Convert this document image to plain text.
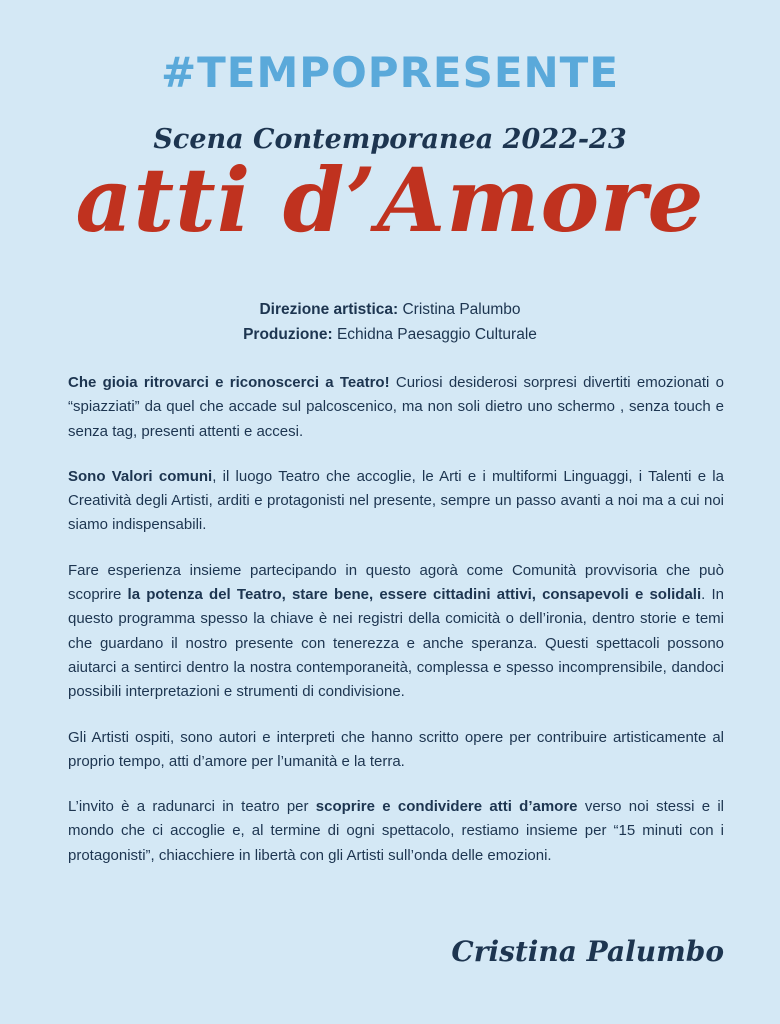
#TEMPOPRESENTE
Scena Contemporanea 2022-23
atti d’Amore
Direzione artistica: Cristina Palumbo
Produzione: Echidna Paesaggio Culturale

Che gioia ritrovarci e riconoscerci a Teatro! Curiosi desiderosi sorpresi divertiti emozionati o “spiazziati” da quel che accade sul palcoscenico, ma non soli dietro uno schermo , senza touch e senza tag, presenti attenti e accesi.

Sono Valori comuni, il luogo Teatro che accoglie, le Arti e i multiformi Linguaggi, i Talenti e la Creatività degli Artisti, arditi e protagonisti nel presente, sempre un passo avanti a noi ma a cui noi siamo indispensabili.

Fare esperienza insieme partecipando in questo agorà come Comunità provvisoria che può scoprire la potenza del Teatro, stare bene, essere cittadini attivi, consapevoli e solidali. In questo programma spesso la chiave è nei registri della comicità o dell’ironia, dentro storie e temi che guardano il nostro presente con tenerezza e anche speranza. Questi spettacoli possono aiutarci a sentirci dentro la nostra contemporaneità, complessa e spesso incomprensibile, dandoci possibili interpretazioni e strumenti di condivisione.

Gli Artisti ospiti, sono autori e interpreti che hanno scritto opere per contribuire artisticamente al proprio tempo, atti d’amore per l’umanità e la terra.

L’invito è a radunarci in teatro per scoprire e condividere atti d’amore verso noi stessi e il mondo che ci accoglie e, al termine di ogni spettacolo, restiamo insieme per “15 minuti con i protagonisti”, chiacchiere in libertà con gli Artisti sull’onda delle emozioni.

Cristina Palumbo
